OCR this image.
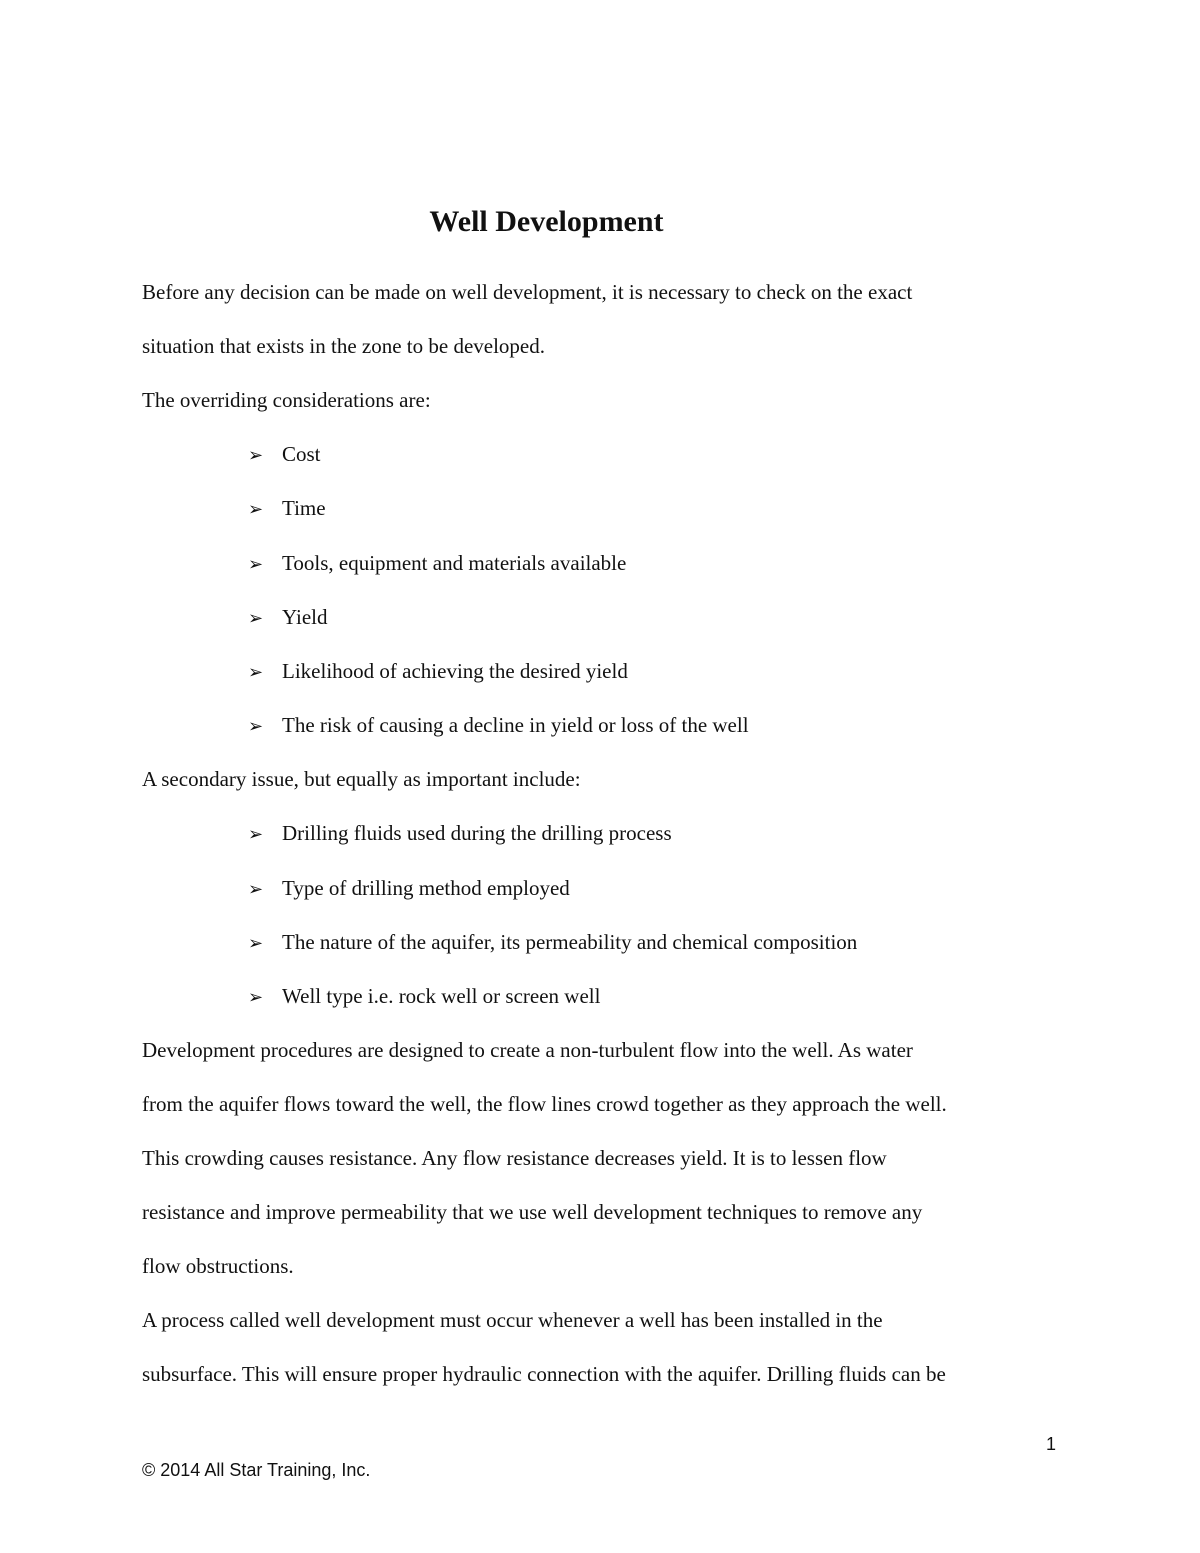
Well Development
Before any decision can be made on well development, it is necessary to check on the exact
situation that exists in the zone to be developed.
The overriding considerations are:
➢ Cost
➢ Time
➢ Tools, equipment and materials available
➢ Yield
➢ Likelihood of achieving the desired yield
➢ The risk of causing a decline in yield or loss of the well
A secondary issue, but equally as important include:
➢ Drilling fluids used during the drilling process
➢ Type of drilling method employed
➢ The nature of the aquifer, its permeability and chemical composition
➢ Well type i.e. rock well or screen well
Development procedures are designed to create a non-turbulent flow into the well. As water
from the aquifer flows toward the well, the flow lines crowd together as they approach the well.
This crowding causes resistance. Any flow resistance decreases yield. It is to lessen flow
resistance and improve permeability that we use well development techniques to remove any
flow obstructions.
A process called well development must occur whenever a well has been installed in the
subsurface. This will ensure proper hydraulic connection with the aquifer. Drilling fluids can be
1
© 2014 All Star Training, Inc.
